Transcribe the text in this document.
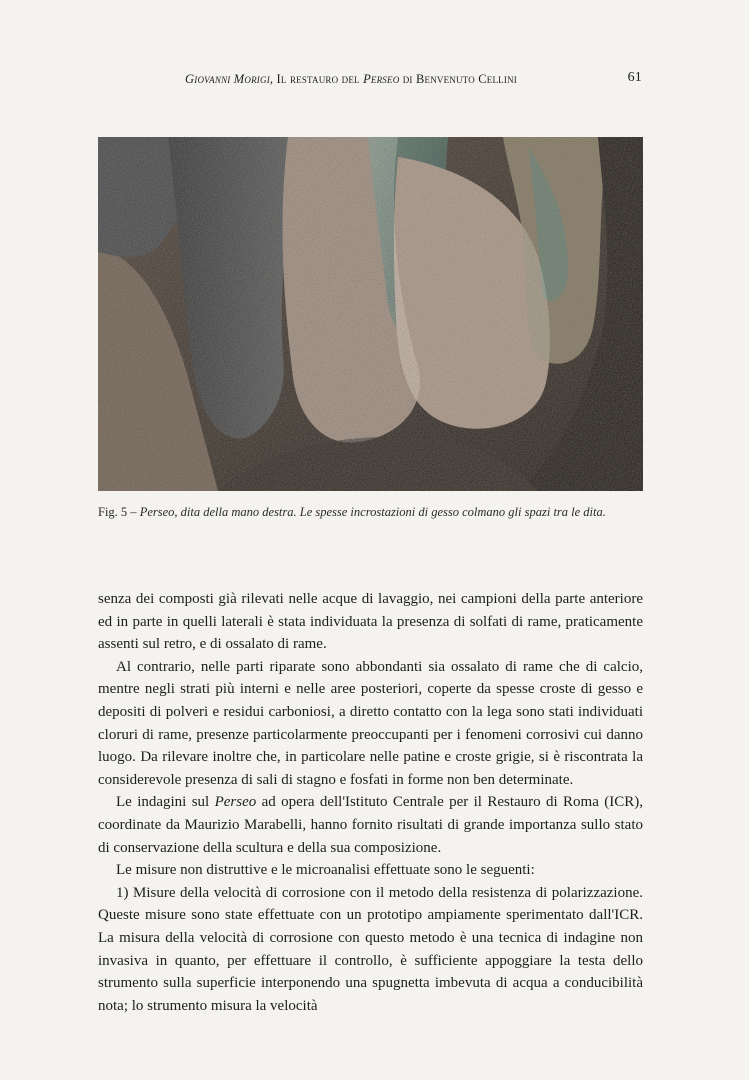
Giovanni Morigi, Il restauro del Perseo di Benvenuto Cellini	61
Fig. 5 – Perseo, dita della mano destra. Le spesse incrostazioni di gesso colmano gli spazi tra le dita.

senza dei composti già rilevati nelle acque di lavaggio, nei campioni della parte anteriore ed in parte in quelli laterali è stata individuata la presenza di solfati di rame, praticamente assenti sul retro, e di ossalato di rame.

Al contrario, nelle parti riparate sono abbondanti sia ossalato di rame che di calcio, mentre negli strati più interni e nelle aree posteriori, coperte da spesse croste di gesso e depositi di polveri e residui carboniosi, a diretto contatto con la lega sono stati individuati cloruri di rame, presenze particolarmente preoccupanti per i fenomeni corrosivi cui danno luogo. Da rilevare inoltre che, in particolare nelle patine e croste grigie, si è riscontrata la considerevole presenza di sali di stagno e fosfati in forme non ben determinate.

Le indagini sul Perseo ad opera dell'Istituto Centrale per il Restauro di Roma (ICR), coordinate da Maurizio Marabelli, hanno fornito risultati di grande importanza sullo stato di conservazione della scultura e della sua composizione.

Le misure non distruttive e le microanalisi effettuate sono le seguenti:

1) Misure della velocità di corrosione con il metodo della resistenza di polarizzazione. Queste misure sono state effettuate con un prototipo ampiamente sperimentato dall'ICR. La misura della velocità di corrosione con questo metodo è una tecnica di indagine non invasiva in quanto, per effettuare il controllo, è sufficiente appoggiare la testa dello strumento sulla superficie interponendo una spugnetta imbevuta di acqua a conducibilità nota; lo strumento misura la velocità
